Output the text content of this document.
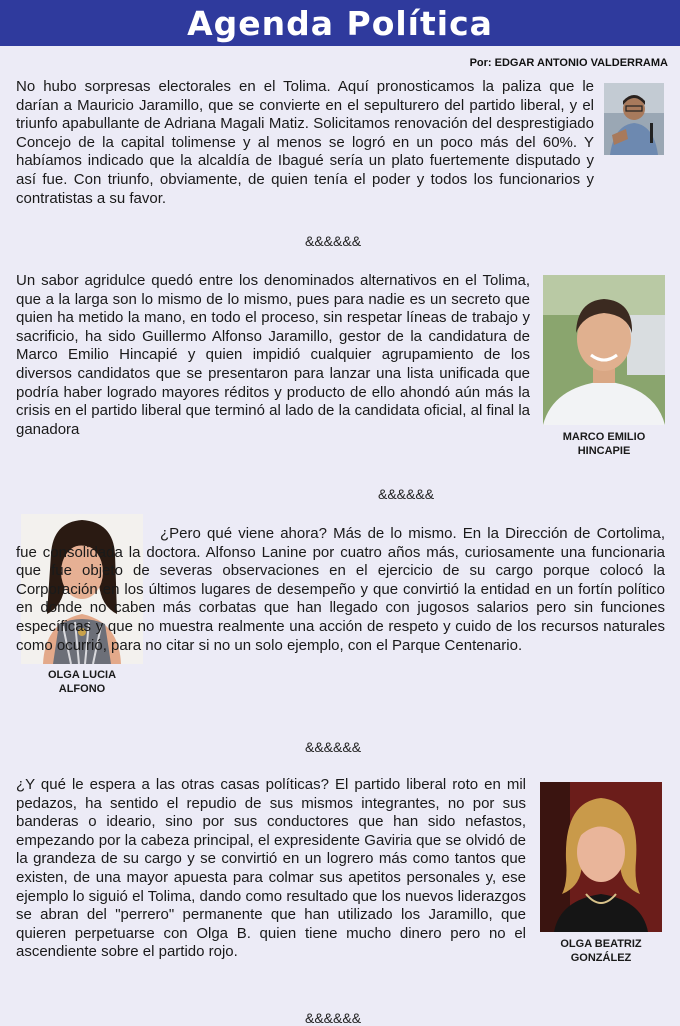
Agenda Política
Por: EDGAR ANTONIO VALDERRAMA

No hubo sorpresas electorales en el Tolima. Aquí pronosticamos la paliza que le darían a Mauricio Jaramillo, que se convierte en el sepulturero del partido liberal, y el triunfo apabullante de Adriana Magali Matiz. Solicitamos renovación del desprestigiado Concejo de la capital tolimense y al menos se logró en un poco más del 60%. Y habíamos indicado que la alcaldía de Ibagué sería un plato fuertemente disputado y así fue. Con triunfo, obviamente, de quien tenía el poder y todos los funcionarios y contratistas a su favor.

&&&&&&

Un sabor agridulce quedó entre los denominados alternativos en el Tolima, que a la larga son lo mismo de lo mismo, pues para nadie es un secreto que quien ha metido la mano, en todo el proceso, sin respetar líneas de trabajo y sacrificio, ha sido Guillermo Alfonso Jaramillo, gestor de la candidatura de Marco Emilio Hincapié y quien impidió cualquier agrupamiento de los diversos candidatos que se presentaron para lanzar una lista unificada que podría haber logrado mayores réditos y producto de ello ahondó aún más la crisis en el partido liberal que terminó al lado de la candidata oficial, al final la ganadora	MARCO EMILIO
HINCAPIE
&&&&&&
OLGA LUCIA
ALFONO

¿Pero qué viene ahora? Más de lo mismo. En la Dirección de Cortolima, fue consolidada la doctora. Alfonso Lanine por cuatro años más, curiosamente una funcionaria que fue objeto de severas observaciones en el ejercicio de su cargo porque colocó la Corporación en los últimos lugares de desempeño y que convirtió la entidad en un fortín político en donde no caben más corbatas que han llegado con jugosos salarios pero sin funciones específicas y que no muestra realmente una acción de respeto y cuido de los recursos naturales como ocurrió, para no citar si no un solo ejemplo, con el Parque Centenario.

&&&&&&

¿Y qué le espera a las otras casas políticas? El partido liberal roto en mil pedazos, ha sentido el repudio de sus mismos integrantes, no por sus banderas o ideario, sino por sus conductores que han sido nefastos, empezando por la cabeza principal, el expresidente Gaviria que se olvidó de la grandeza de su cargo y se convirtió en un logrero más como tantos que existen, de una mayor apuesta para colmar sus apetitos personales y, ese ejemplo lo siguió el Tolima, dando como resultado que los nuevos liderazgos se abran del "perrero" permanente que han utilizado los Jaramillo, que quieren perpetuarse con Olga B. quien tiene mucho dinero pero no el ascendiente sobre el partido rojo.	OLGA BEATRIZ
GONZÁLEZ
&&&&&&
